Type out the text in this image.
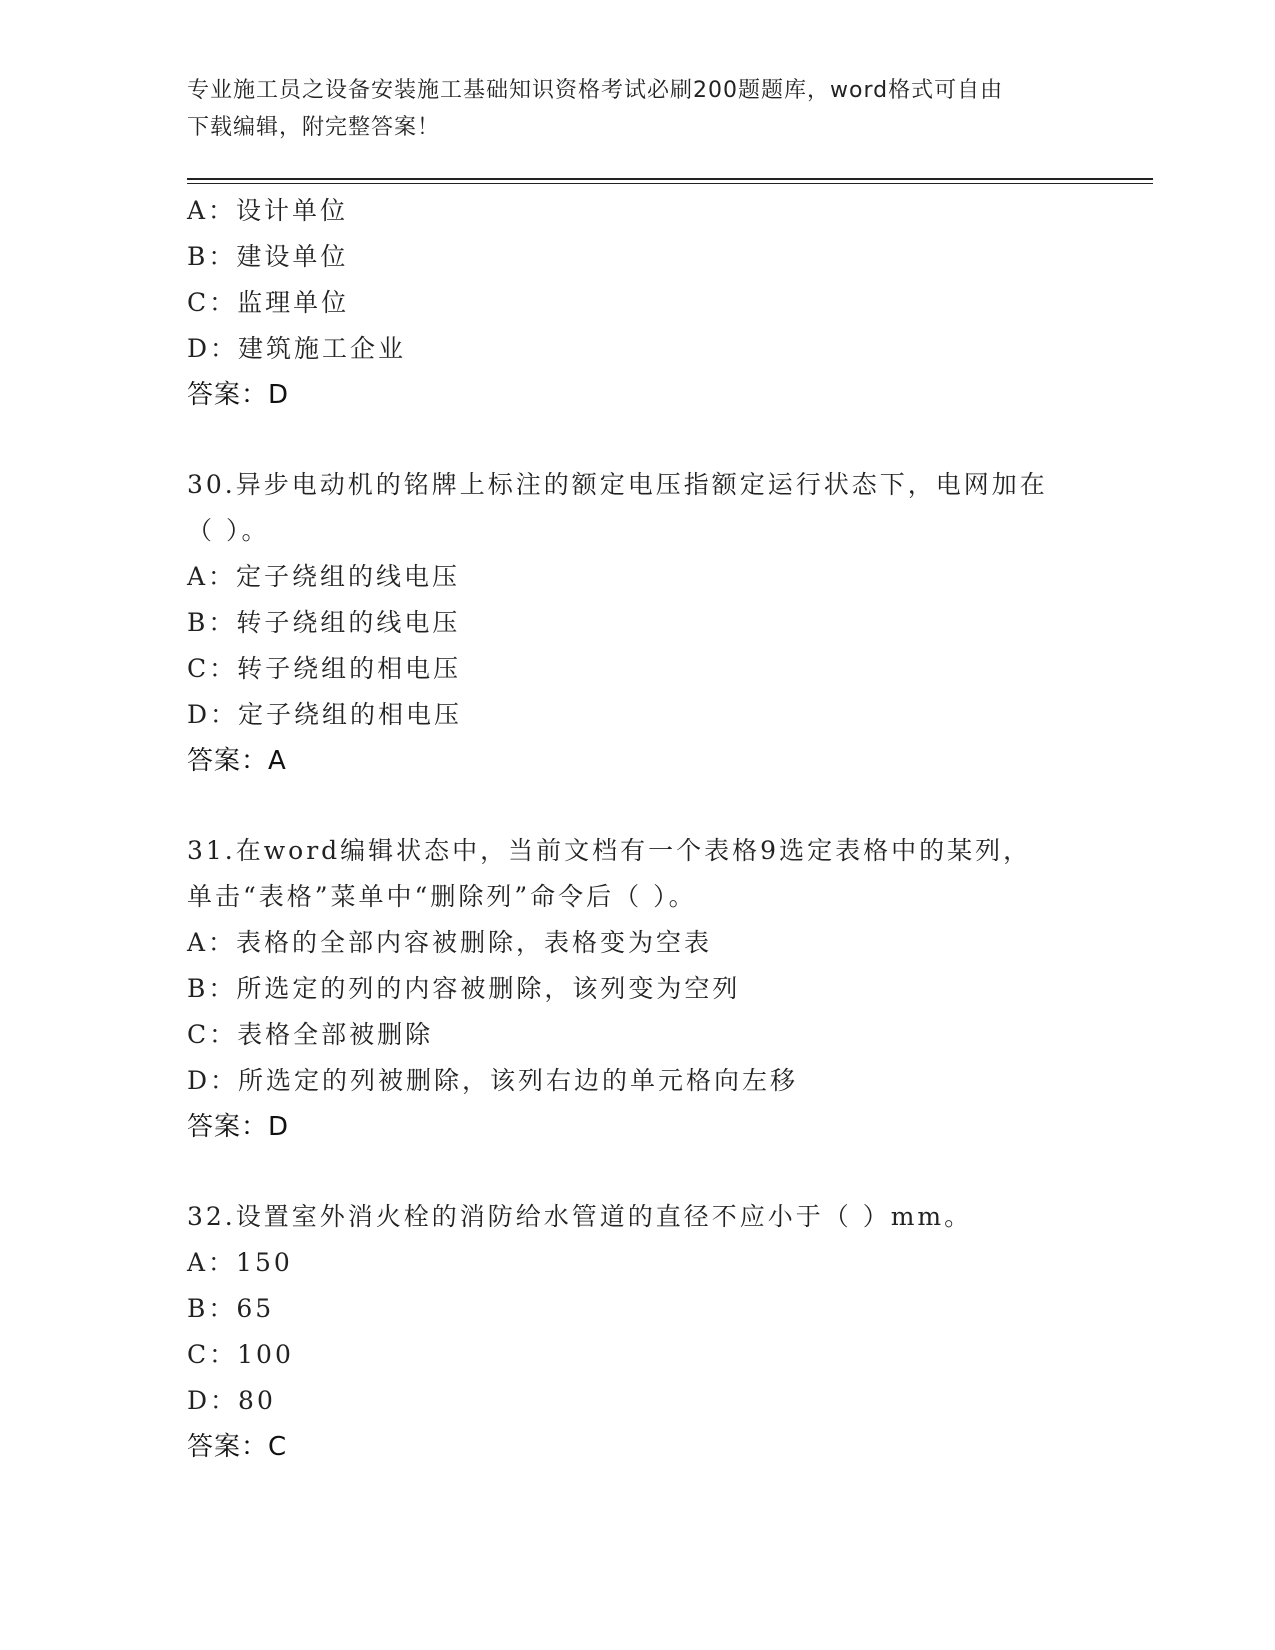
专业施工员之设备安装施工基础知识资格考试必刷200题题库，word格式可自由
下载编辑，附完整答案！
A：设计单位
B：建设单位
C：监理单位
D：建筑施工企业
答案：D
30.异步电动机的铭牌上标注的额定电压指额定运行状态下，电网加在
（ ）。
A：定子绕组的线电压
B：转子绕组的线电压
C：转子绕组的相电压
D：定子绕组的相电压
答案：A
31.在word编辑状态中，当前文档有一个表格9选定表格中的某列，
单击“表格”菜单中“删除列”命令后（ ）。
A：表格的全部内容被删除，表格变为空表
B：所选定的列的内容被删除，该列变为空列
C：表格全部被删除
D：所选定的列被删除，该列右边的单元格向左移
答案：D
32.设置室外消火栓的消防给水管道的直径不应小于（ ）mm。
A：150
B：65
C：100
D：80
答案：C
